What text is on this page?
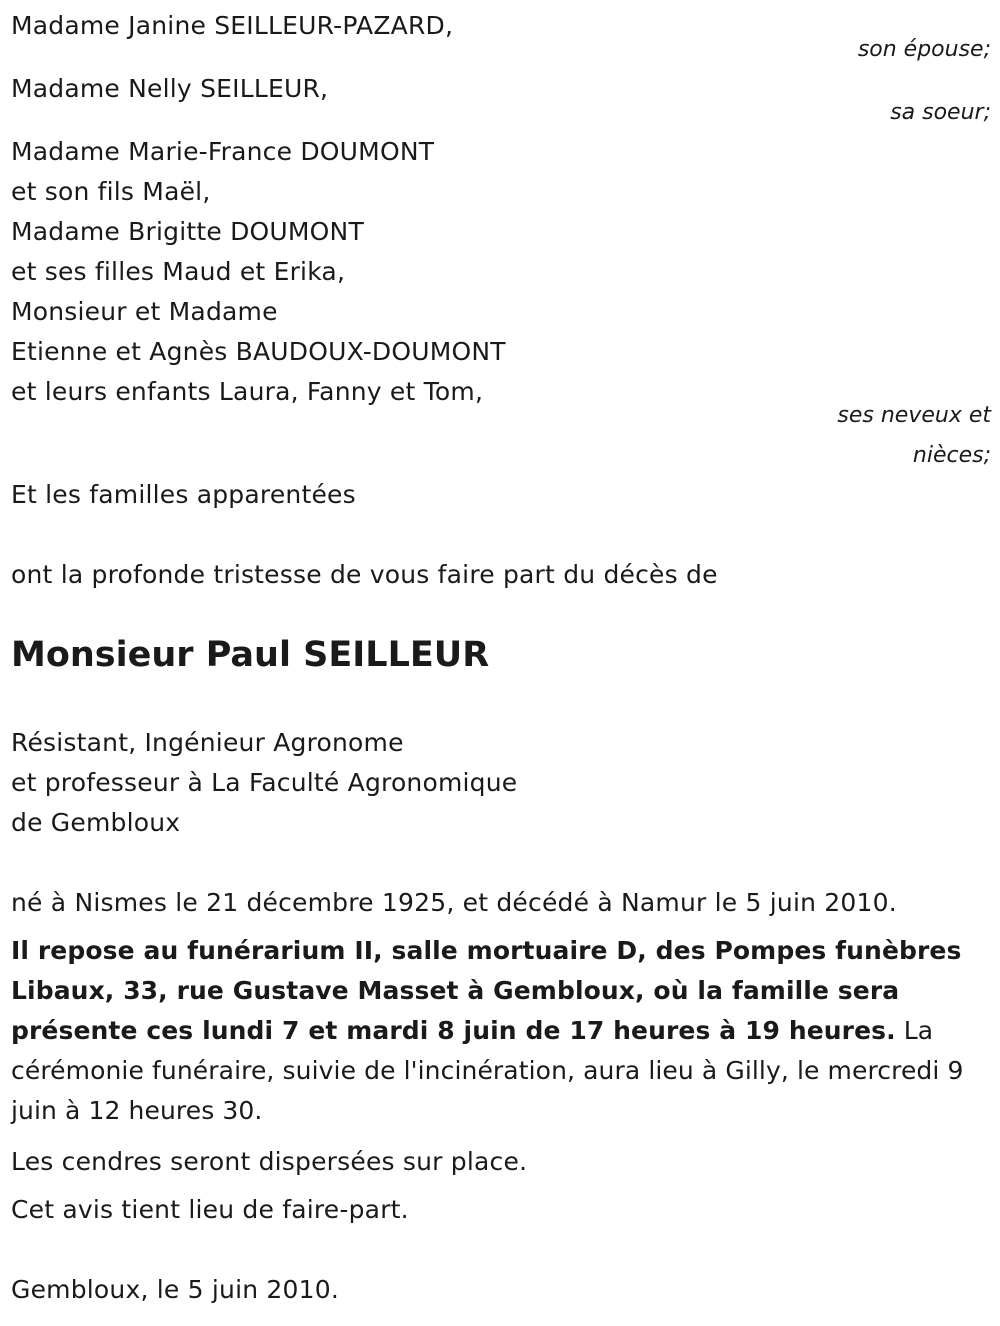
Madame Janine SEILLEUR-PAZARD,
son épouse;
Madame Nelly SEILLEUR,
sa soeur;
Madame Marie-France DOUMONT
et son fils Maël,
Madame Brigitte DOUMONT
et ses filles Maud et Erika,
Monsieur et Madame
Etienne et Agnès BAUDOUX-DOUMONT
et leurs enfants Laura, Fanny et Tom,
ses neveux et
nièces;
Et les familles apparentées
ont la profonde tristesse de vous faire part du décès de
Monsieur Paul SEILLEUR
Résistant, Ingénieur Agronome
et professeur à La Faculté Agronomique
de Gembloux
né à Nismes le 21 décembre 1925, et décédé à Namur le 5 juin 2010.
Il repose au funérarium II, salle mortuaire D, des Pompes funèbres Libaux, 33, rue Gustave Masset à Gembloux, où la famille sera présente ces lundi 7 et mardi 8 juin de 17 heures à 19 heures. La cérémonie funéraire, suivie de l'incinération, aura lieu à Gilly, le mercredi 9 juin à 12 heures 30.
Les cendres seront dispersées sur place.
Cet avis tient lieu de faire-part.
Gembloux, le 5 juin 2010.
